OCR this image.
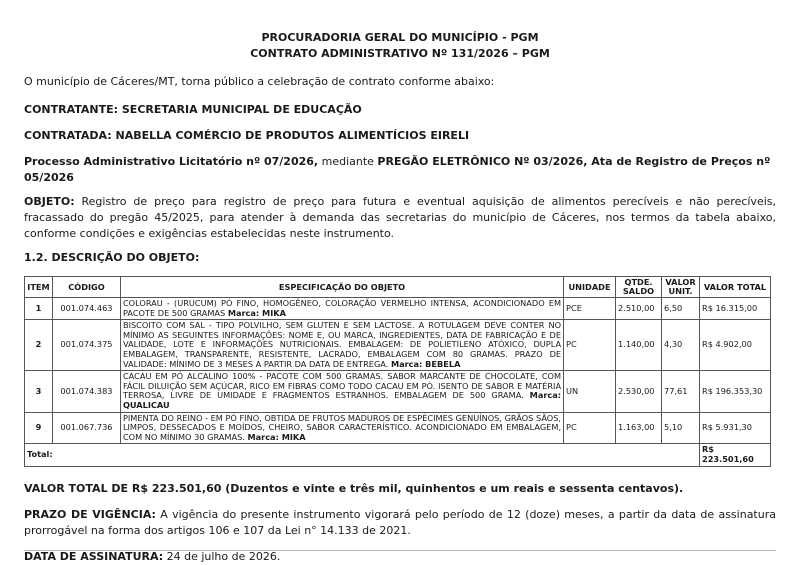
PROCURADORIA GERAL DO MUNICÍPIO - PGM
CONTRATO ADMINISTRATIVO Nº 131/2026 – PGM

O município de Cáceres/MT, torna público a celebração de contrato conforme abaixo:

CONTRATANTE: SECRETARIA MUNICIPAL DE EDUCAÇÃO

CONTRATADA: NABELLA COMÉRCIO DE PRODUTOS ALIMENTÍCIOS EIRELI

Processo Administrativo Licitatório nº 07/2026, mediante PREGÃO ELETRÔNICO Nº 03/2026, Ata de Registro de Preços nº 05/2026

OBJETO: Registro de preço para registro de preço para futura e eventual aquisição de alimentos perecíveis e não perecíveis, fracassado do pregão 45/2025, para atender à demanda das secretarias do município de Cáceres, nos termos da tabela abaixo, conforme condições e exigências estabelecidas neste instrumento.

1.2. DESCRIÇÃO DO OBJETO:

ITEM	CÓDIGO	ESPECIFICAÇÃO DO OBJETO	UNIDADE	QTDE. SALDO	VALOR UNIT.	VALOR TOTAL
1	001.074.463	COLORAU - (URUCUM) PÓ FINO, HOMOGÊNEO, COLORAÇÃO VERMELHO INTENSA, ACONDICIONADO EM PACOTE DE 500 GRAMAS Marca: MIKA	PCE	2.510,00	6,50	R$ 16.315,00
2	001.074.375	BISCOITO COM SAL - TIPO POLVILHO, SEM GLUTEN E SEM LACTOSE. A ROTULAGEM DEVE CONTER NO MÍNIMO AS SEGUINTES INFORMAÇÕES: NOME E, OU MARCA, INGREDIENTES, DATA DE FABRICAÇÃO E DE VALIDADE, LOTE E INFORMAÇÕES NUTRICIONAIS. EMBALAGEM: DE POLIETILENO ATÓXICO, DUPLA EMBALAGEM, TRANSPARENTE, RESISTENTE, LACRADO, EMBALAGEM COM 80 GRAMAS. PRAZO DE VALIDADE: MÍNIMO DE 3 MESES A PARTIR DA DATA DE ENTREGA. Marca: BEBELA	PC	1.140,00	4,30	R$ 4.902,00
3	001.074.383	CACAU EM PÓ ALCALINO 100% - PACOTE COM 500 GRAMAS. SABOR MARCANTE DE CHOCOLATE, COM FÁCIL DILUIÇÃO SEM AÇÚCAR, RICO EM FIBRAS COMO TODO CACAU EM PÓ. ISENTO DE SABOR E MATÉRIA TERROSA, LIVRE DE UMIDADE E FRAGMENTOS ESTRANHOS. EMBALAGEM DE 500 GRAMA. Marca: QUALICAU	UN	2.530,00	77,61	R$ 196.353,30
9	001.067.736	PIMENTA DO REINO - EM PÓ FINO, OBTIDA DE FRUTOS MADUROS DE ESPÉCIMES GENUÍNOS, GRÃOS SÃOS, LIMPOS, DESSECADOS E MOÍDOS, CHEIRO, SABOR CARACTERÍSTICO. ACONDICIONADO EM EMBALAGEM, COM NO MÍNIMO 30 GRAMAS. Marca: MIKA	PC	1.163,00	5,10	R$ 5.931,30
Total:						R$ 223.501,60

VALOR TOTAL DE R$ 223.501,60 (Duzentos e vinte e três mil, quinhentos e um reais e sessenta centavos).

PRAZO DE VIGÊNCIA: A vigência do presente instrumento vigorará pelo período de 12 (doze) meses, a partir da data de assinatura prorrogável na forma dos artigos 106 e 107 da Lei n° 14.133 de 2021.

DATA DE ASSINATURA: 24 de julho de 2026.
